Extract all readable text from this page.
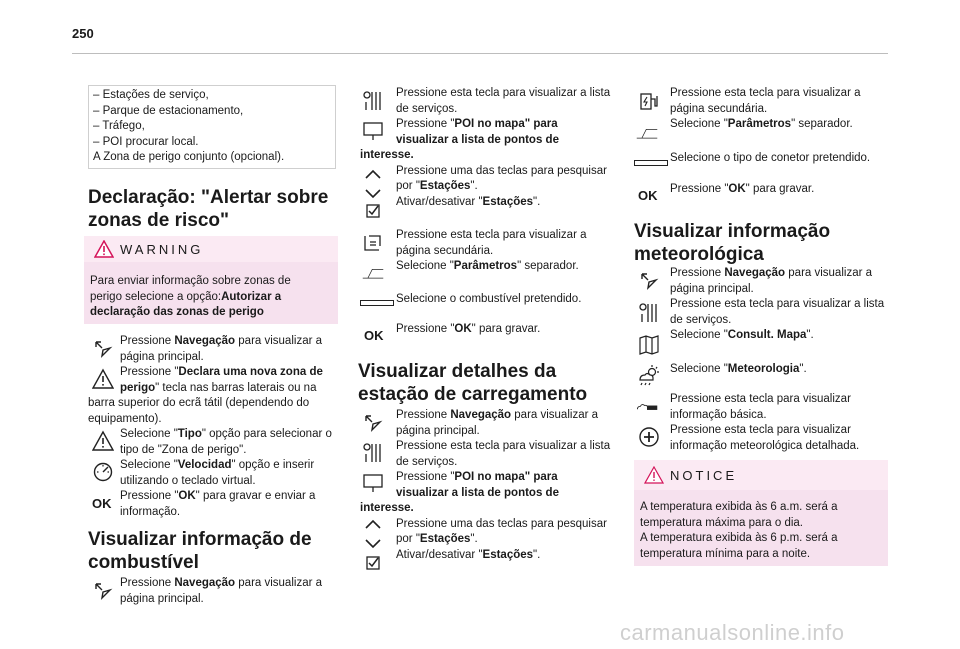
250
– Estações de serviço,
– Parque de estacionamento,
– Tráfego,
– POI procurar local.
A Zona de perigo conjunto (opcional).
Declaração: "Alertar sobre
zonas de risco"
WARNING
Para enviar informação sobre zonas de
perigo selecione a opção:Autorizar a
declaração das zonas de perigo
OK
Pressione Navegação para visualizar a
página principal.
Pressione "Declara uma nova zona de
perigo" tecla nas barras laterais ou na
barra superior do ecrã tátil (dependendo do
equipamento).
Selecione "Tipo" opção para selecionar o
tipo de "Zona de perigo".
Selecione "Velocidad" opção e inserir
utilizando o teclado virtual.
Pressione "OK" para gravar e enviar a
informação.
Visualizar informação de
combustível
Pressione Navegação para visualizar a
página principal.
Pressione esta tecla para visualizar a lista
de serviços.
Pressione "POI no mapa" para
visualizar a lista de pontos de
interesse.
Pressione uma das teclas para pesquisar
por "Estações".
Ativar/desativar "Estações".
Pressione esta tecla para visualizar a
página secundária.
Selecione "Parâmetros" separador.
Selecione o combustível pretendido.
OK Pressione "OK" para gravar.
Visualizar detalhes da
estação de carregamento
Pressione Navegação para visualizar a
página principal.
Pressione esta tecla para visualizar a lista
de serviços.
Pressione "POI no mapa" para
visualizar a lista de pontos de
interesse.
Pressione uma das teclas para pesquisar
por "Estações".
Ativar/desativar "Estações".
Pressione esta tecla para visualizar a
página secundária.
Selecione "Parâmetros" separador.
Selecione o tipo de conetor pretendido.
OK Pressione "OK" para gravar.
Visualizar informação
meteorológica
Pressione Navegação para visualizar a
página principal.
Pressione esta tecla para visualizar a lista
de serviços.
Selecione "Consult. Mapa".
Selecione "Meteorologia".
Pressione esta tecla para visualizar
informação básica.
Pressione esta tecla para visualizar
informação meteorológica detalhada.
NOTICE
A temperatura exibida às 6 a.m. será a
temperatura máxima para o dia.
A temperatura exibida às 6 p.m. será a
temperatura mínima para a noite.
carmanualsonline.info
